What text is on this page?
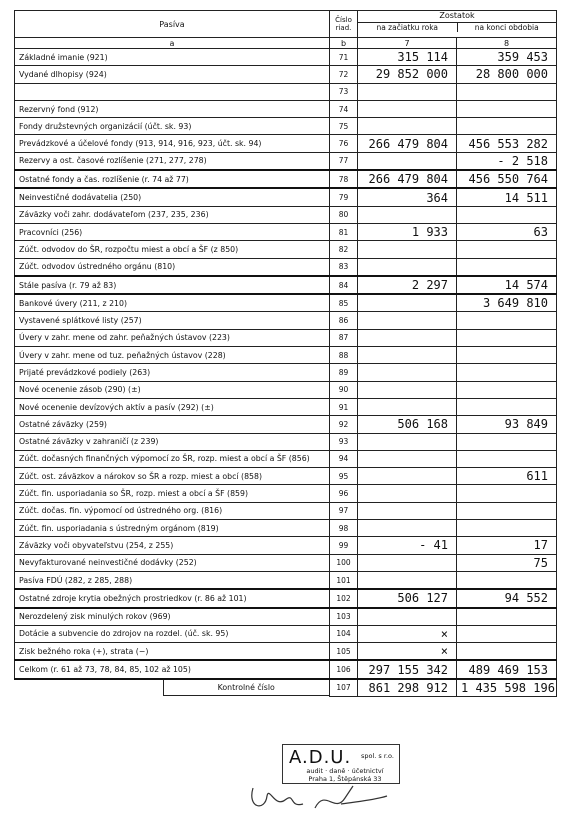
Pasíva	Číslo riad.	Zostatok
na začiatku roka na konci obdobia	

a	b	7	8
Základné imanie (921)	71	315 114	359 453
Vydané dlhopisy (924)	72	29 852 000	28 800 000
	73		
Rezervný fond (912)	74		
Fondy družstevných organizácií (účt. sk. 93)	75		
Prevádzkové a účelové fondy (913, 914, 916, 923, účt. sk. 94)	76	266 479 804	456 553 282
Rezervy a ost. časové rozlíšenie (271, 277, 278)	77		- 2 518
Ostatné fondy a čas. rozlíšenie (r. 74 až 77)	78	266 479 804	456 550 764
Neinvestičné dodávatelia (250)	79	364	14 511
Záväzky voči zahr. dodávateľom (237, 235, 236)	80		
Pracovníci (256)	81	1 933	63
Zúčt. odvodov do ŠR, rozpočtu miest a obcí a ŠF (z 850)	82		
Zúčt. odvodov ústredného orgánu (810)	83		
Stále pasíva (r. 79 až 83)	84	2 297	14 574
Bankové úvery (211, z 210)	85		3 649 810
Vystavené splátkové listy (257)	86		
Úvery v zahr. mene od zahr. peňažných ústavov (223)	87		
Úvery v zahr. mene od tuz. peňažných ústavov (228)	88		
Prijaté prevádzkové podiely (263)	89		
Nové ocenenie zásob (290) (±)	90		
Nové ocenenie devízových aktív a pasív (292) (±)	91		
Ostatné záväzky (259)	92	506 168	93 849
Ostatné záväzky v zahraničí (z 239)	93		
Zúčt. dočasných finančných výpomocí zo ŠR, rozp. miest a obcí a ŠF (856)	94		
Zúčt. ost. záväzkov a nárokov so ŠR a rozp. miest a obcí (858)	95		611
Zúčt. fin. usporiadania so ŠR, rozp. miest a obcí a ŠF (859)	96		
Zúčt. dočas. fin. výpomocí od ústredného org. (816)	97		
Zúčt. fin. usporiadania s ústredným orgánom (819)	98		
Záväzky voči obyvateľstvu (254, z 255)	99	- 41	17
Nevyfakturované neinvestičné dodávky (252)	100		75
Pasíva FDÚ (282, z 285, 288)	101		
Ostatné zdroje krytia obežných prostriedkov (r. 86 až 101)	102	506 127	94 552
Nerozdelený zisk minulých rokov (969)	103		
Dotácie a subvencie do zdrojov na rozdel. (úč. sk. 95)	104	×	
Zisk bežného roka (+), strata (−)	105	×	
Celkom (r. 61 až 73, 78, 84, 85, 102 až 105)	106	297 155 342	489 469 153

Kontrolné číslo	107	861 298 912	1 435 598 196
A.D.U. spol. s r.o.
audit · daně · účetnictví
Praha 1, Štěpánská 33
